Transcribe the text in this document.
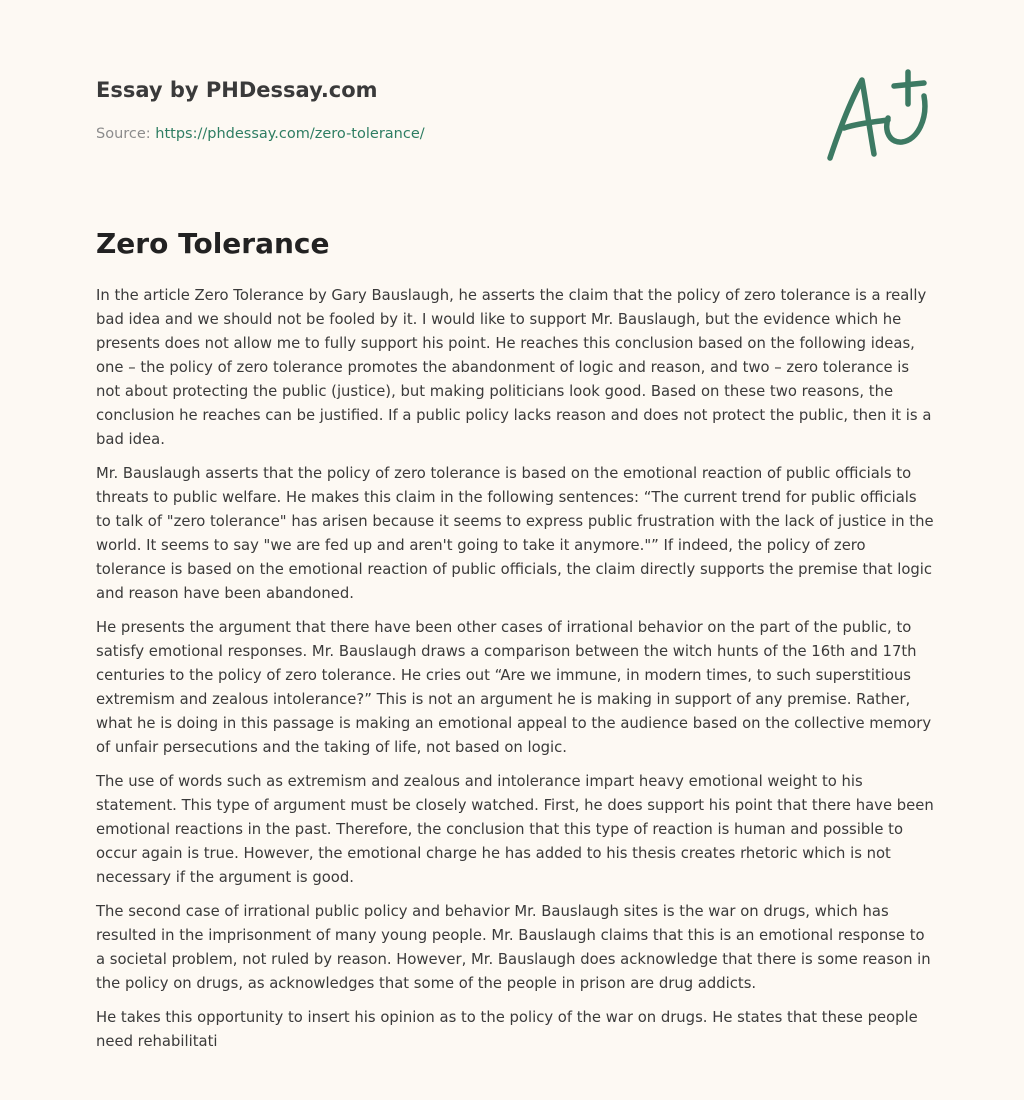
Essay by PHDessay.com
Source: https://phdessay.com/zero-tolerance/
Zero Tolerance

In the article Zero Tolerance by Gary Bauslaugh, he asserts the claim that the policy of zero tolerance is a really bad idea and we should not be fooled by it. I would like to support Mr. Bauslaugh, but the evidence which he presents does not allow me to fully support his point. He reaches this conclusion based on the following ideas, one – the policy of zero tolerance promotes the abandonment of logic and reason, and two – zero tolerance is not about protecting the public (justice), but making politicians look good. Based on these two reasons, the conclusion he reaches can be justified. If a public policy lacks reason and does not protect the public, then it is a bad idea.

Mr. Bauslaugh asserts that the policy of zero tolerance is based on the emotional reaction of public officials to threats to public welfare. He makes this claim in the following sentences: “The current trend for public officials to talk of "zero tolerance" has arisen because it seems to express public frustration with the lack of justice in the world. It seems to say "we are fed up and aren't going to take it anymore."” If indeed, the policy of zero tolerance is based on the emotional reaction of public officials, the claim directly supports the premise that logic and reason have been abandoned.

He presents the argument that there have been other cases of irrational behavior on the part of the public, to satisfy emotional responses. Mr. Bauslaugh draws a comparison between the witch hunts of the 16th and 17th centuries to the policy of zero tolerance. He cries out “Are we immune, in modern times, to such superstitious extremism and zealous intolerance?” This is not an argument he is making in support of any premise. Rather, what he is doing in this passage is making an emotional appeal to the audience based on the collective memory of unfair persecutions and the taking of life, not based on logic.

The use of words such as extremism and zealous and intolerance impart heavy emotional weight to his statement. This type of argument must be closely watched. First, he does support his point that there have been emotional reactions in the past. Therefore, the conclusion that this type of reaction is human and possible to occur again is true. However, the emotional charge he has added to his thesis creates rhetoric which is not necessary if the argument is good.

The second case of irrational public policy and behavior Mr. Bauslaugh sites is the war on drugs, which has resulted in the imprisonment of many young people. Mr. Bauslaugh claims that this is an emotional response to a societal problem, not ruled by reason. However, Mr. Bauslaugh does acknowledge that there is some reason in the policy on drugs, as acknowledges that some of the people in prison are drug addicts.

He takes this opportunity to insert his opinion as to the policy of the war on drugs. He states that these people need rehabilitati
